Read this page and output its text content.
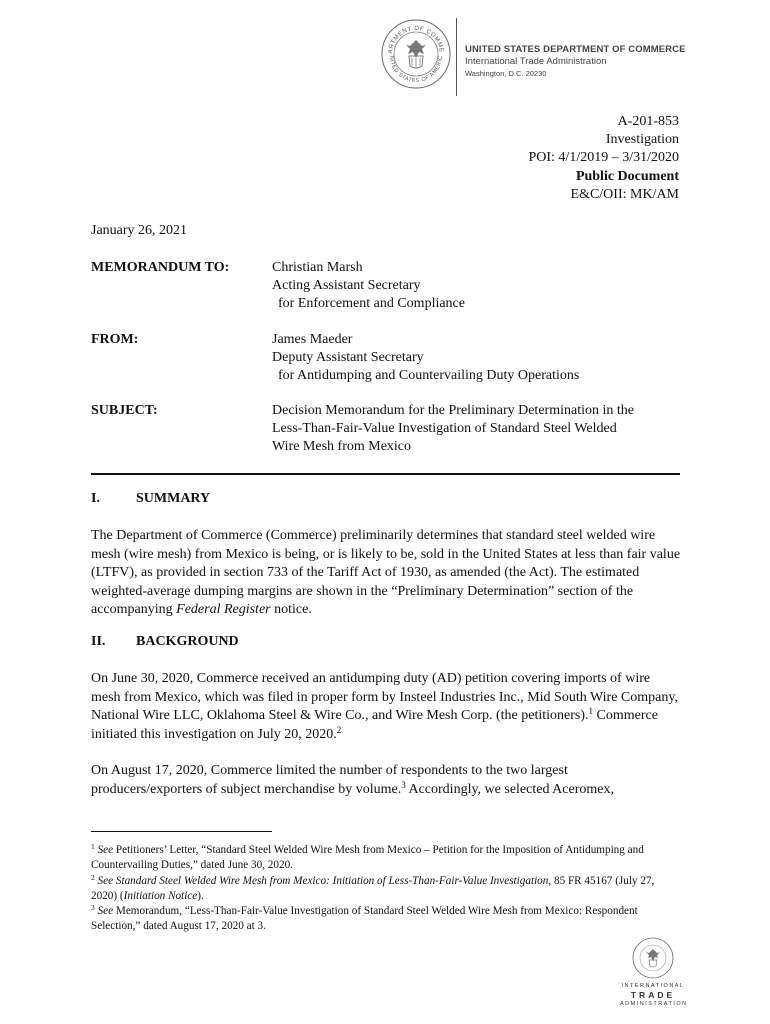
ARTMENT OF COMME
NITED STATES OF AMERIC
UNITED STATES DEPARTMENT OF COMMERCE
International Trade Administration
Washington, D.C. 20230
A-201-853
Investigation
POI: 4/1/2019 – 3/31/2020
Public Document
E&C/OII: MK/AM
January 26, 2021
MEMORANDUM TO:	Christian Marsh
Acting Assistant Secretary
for Enforcement and Compliance
FROM:	James Maeder
Deputy Assistant Secretary
for Antidumping and Countervailing Duty Operations
SUBJECT:	Decision Memorandum for the Preliminary Determination in the
Less-Than-Fair-Value Investigation of Standard Steel Welded
Wire Mesh from Mexico
I.	SUMMARY
The Department of Commerce (Commerce) preliminarily determines that standard steel welded wire mesh (wire mesh) from Mexico is being, or is likely to be, sold in the United States at less than fair value (LTFV), as provided in section 733 of the Tariff Act of 1930, as amended (the Act). The estimated weighted-average dumping margins are shown in the “Preliminary Determination” section of the accompanying Federal Register notice.
II. BACKGROUND
On June 30, 2020, Commerce received an antidumping duty (AD) petition covering imports of wire mesh from Mexico, which was filed in proper form by Insteel Industries Inc., Mid South Wire Company, National Wire LLC, Oklahoma Steel & Wire Co., and Wire Mesh Corp. (the petitioners).$^1$ Commerce initiated this investigation on July 20, 2020.$^2$
On August 17, 2020, Commerce limited the number of respondents to the two largest producers/exporters of subject merchandise by volume.$^3$ Accordingly, we selected Aceromex,

$^1$ See Petitioners’ Letter, “Standard Steel Welded Wire Mesh from Mexico – Petition for the Imposition of Antidumping and Countervailing Duties,” dated June 30, 2020.

$^2$ See Standard Steel Welded Wire Mesh from Mexico: Initiation of Less-Than-Fair-Value Investigation, 85 FR 45167 (July 27, 2020) (Initiation Notice).

$^3$ See Memorandum, “Less-Than-Fair-Value Investigation of Standard Steel Welded Wire Mesh from Mexico: Respondent Selection,” dated August 17, 2020 at 3.

INTERNATIONAL
TRADE
ADMINISTRATION
